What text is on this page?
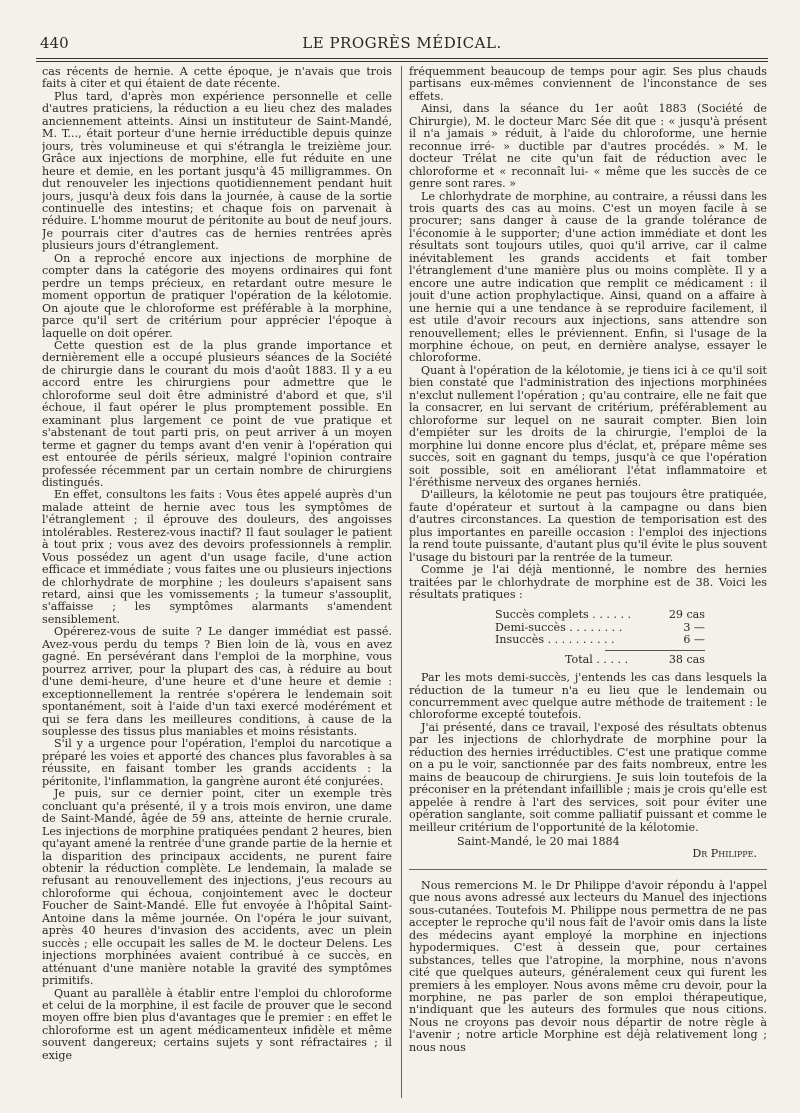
440	LE PROGRÈS MÉDICAL.

cas récents de hernie. A cette époque, je n'avais que trois faits à citer et qui étaient de date récente.

Plus tard, d'après mon expérience personnelle et celle d'autres praticiens, la réduction a eu lieu chez des malades anciennement atteints. Ainsi un instituteur de Saint-Mandé, M. T..., était porteur d'une hernie irréductible depuis quinze jours, très volumineuse et qui s'étrangla le treizième jour. Grâce aux injections de morphine, elle fut réduite en une heure et demie, en les portant jusqu'à 45 milligrammes. On dut renouveler les injections quotidiennement pendant huit jours, jusqu'à deux fois dans la journée, à cause de la sortie continuelle des intestins; et chaque fois on parvenait à réduire. L'homme mourut de péritonite au bout de neuf jours. Je pourrais citer d'autres cas de hernies rentrées après plusieurs jours d'étranglement.

On a reproché encore aux injections de morphine de compter dans la catégorie des moyens ordinaires qui font perdre un temps précieux, en retardant outre mesure le moment opportun de pratiquer l'opération de la kélotomie. On ajoute que le chloroforme est préférable à la morphine, parce qu'il sert de critérium pour apprécier l'époque à laquelle on doit opérer.

Cette question est de la plus grande importance et dernièrement elle a occupé plusieurs séances de la Société de chirurgie dans le courant du mois d'août 1883. Il y a eu accord entre les chirurgiens pour admettre que le chloroforme seul doit être administré d'abord et que, s'il échoue, il faut opérer le plus promptement possible. En examinant plus largement ce point de vue pratique et s'abstenant de tout parti pris, on peut arriver à un moyen terme et gagner du temps avant d'en venir à l'opération qui est entourée de périls sérieux, malgré l'opinion contraire professée récemment par un certain nombre de chirurgiens distingués.

En effet, consultons les faits : Vous êtes appelé auprès d'un malade atteint de hernie avec tous les symptômes de l'étranglement ; il éprouve des douleurs, des angoisses intolérables. Resterez-vous inactif? Il faut soulager le patient à tout prix ; vous avez des devoirs professionnels à remplir. Vous possédez un agent d'un usage facile, d'une action efficace et immédiate ; vous faites une ou plusieurs injections de chlorhydrate de morphine ; les douleurs s'apaisent sans retard, ainsi que les vomissements ; la tumeur s'assouplit, s'affaisse ; les symptômes alarmants s'amendent sensiblement.

Opérerez-vous de suite ? Le danger immédiat est passé. Avez-vous perdu du temps ? Bien loin de là, vous en avez gagné. En persévérant dans l'emploi de la morphine, vous pourrez arriver, pour la plupart des cas, à réduire au bout d'une demi-heure, d'une heure et d'une heure et demie : exceptionnellement la rentrée s'opérera le lendemain soit spontanément, soit à l'aide d'un taxi exercé modérément et qui se fera dans les meilleures conditions, à cause de la souplesse des tissus plus maniables et moins résistants.

S'il y a urgence pour l'opération, l'emploi du narcotique a préparé les voies et apporté des chances plus favorables à sa réussite, en faisant tomber les grands accidents : la péritonite, l'inflammation, la gangrène auront été conjurées.

Je puis, sur ce dernier point, citer un exemple très concluant qu'a présenté, il y a trois mois environ, une dame de Saint-Mandé, âgée de 59 ans, atteinte de hernie crurale. Les injections de morphine pratiquées pendant 2 heures, bien qu'ayant amené la rentrée d'une grande partie de la hernie et la disparition des principaux accidents, ne purent faire obtenir la réduction complète. Le lendemain, la malade se refusant au renouvellement des injections, j'eus recours au chloroforme qui échoua, conjointement avec le docteur Foucher de Saint-Mandé. Elle fut envoyée à l'hôpital Saint-Antoine dans la même journée. On l'opéra le jour suivant, après 40 heures d'invasion des accidents, avec un plein succès ; elle occupait les salles de M. le docteur Delens. Les injections morphinées avaient contribué à ce succès, en atténuant d'une manière notable la gravité des symptômes primitifs.

Quant au parallèle à établir entre l'emploi du chloroforme et celui de la morphine, il est facile de prouver que le second moyen offre bien plus d'avantages que le premier : en effet le chloroforme est un agent médicamenteux infidèle et même souvent dangereux; certains sujets y sont réfractaires ; il exige

fréquemment beaucoup de temps pour agir. Ses plus chauds partisans eux-mêmes conviennent de l'inconstance de ses effets.

Ainsi, dans la séance du 1er août 1883 (Société de Chirurgie), M. le docteur Marc Sée dit que : « jusqu'à présent il n'a jamais » réduit, à l'aide du chloroforme, une hernie reconnue irré- » ductible par d'autres procédés. » M. le docteur Trélat ne cite qu'un fait de réduction avec le chloroforme et « reconnaît lui- « même que les succès de ce genre sont rares. »

Le chlorhydrate de morphine, au contraire, a réussi dans les trois quarts des cas au moins. C'est un moyen facile à se procurer; sans danger à cause de la grande tolérance de l'économie à le supporter; d'une action immédiate et dont les résultats sont toujours utiles, quoi qu'il arrive, car il calme inévitablement les grands accidents et fait tomber l'étranglement d'une manière plus ou moins complète. Il y a encore une autre indication que remplit ce médicament : il jouit d'une action prophylactique. Ainsi, quand on a affaire à une hernie qui a une tendance à se reproduire facilement, il est utile d'avoir recours aux injections, sans attendre son renouvellement; elles le préviennent. Enfin, si l'usage de la morphine échoue, on peut, en dernière analyse, essayer le chloroforme.

Quant à l'opération de la kélotomie, je tiens ici à ce qu'il soit bien constaté que l'administration des injections morphinées n'exclut nullement l'opération ; qu'au contraire, elle ne fait que la consacrer, en lui servant de critérium, préférablement au chloroforme sur lequel on ne saurait compter. Bien loin d'empiéter sur les droits de la chirurgie, l'emploi de la morphine lui donne encore plus d'éclat, et, prépare même ses succès, soit en gagnant du temps, jusqu'à ce que l'opération soit possible, soit en améliorant l'état inflammatoire et l'éréthisme nerveux des organes herniés.

D'ailleurs, la kélotomie ne peut pas toujours être pratiquée, faute d'opérateur et surtout à la campagne ou dans bien d'autres circonstances. La question de temporisation est des plus importantes en pareille occasion : l'emploi des injections la rend toute puissante, d'autant plus qu'il évite le plus souvent l'usage du bistouri par la rentrée de la tumeur.

Comme je l'ai déjà mentionné, le nombre des hernies traitées par le chlorhydrate de morphine est de 38. Voici les résultats pratiques :

Succès complets . . . . . .	29 cas
Demi-succès . . . . . . . .	3 —
Insuccès . . . . . . . . . .	6 —
Total . . . . .	38 cas

Par les mots demi-succès, j'entends les cas dans lesquels la réduction de la tumeur n'a eu lieu que le lendemain ou concurremment avec quelque autre méthode de traitement : le chloroforme excepté toutefois.

J'ai présenté, dans ce travail, l'exposé des résultats obtenus par les injections de chlorhydrate de morphine pour la réduction des hernies irréductibles. C'est une pratique comme on a pu le voir, sanctionnée par des faits nombreux, entre les mains de beaucoup de chirurgiens. Je suis loin toutefois de la préconiser en la prétendant infaillible ; mais je crois qu'elle est appelée à rendre à l'art des services, soit pour éviter une opération sanglante, soit comme palliatif puissant et comme le meilleur critérium de l'opportunité de la kélotomie.

Saint-Mandé, le 20 mai 1884
Dr Philippe.

Nous remercions M. le Dr Philippe d'avoir répondu à l'appel que nous avons adressé aux lecteurs du Manuel des injections sous-cutanées. Toutefois M. Philippe nous permettra de ne pas accepter le reproche qu'il nous fait de l'avoir omis dans la liste des médecins ayant employé la morphine en injections hypodermiques. C'est à dessein que, pour certaines substances, telles que l'atropine, la morphine, nous n'avons cité que quelques auteurs, généralement ceux qui furent les premiers à les employer. Nous avons même cru devoir, pour la morphine, ne pas parler de son emploi thérapeutique, n'indiquant que les auteurs des formules que nous citions. Nous ne croyons pas devoir nous départir de notre règle à l'avenir ; notre article Morphine est déjà relativement long ; nous nous
